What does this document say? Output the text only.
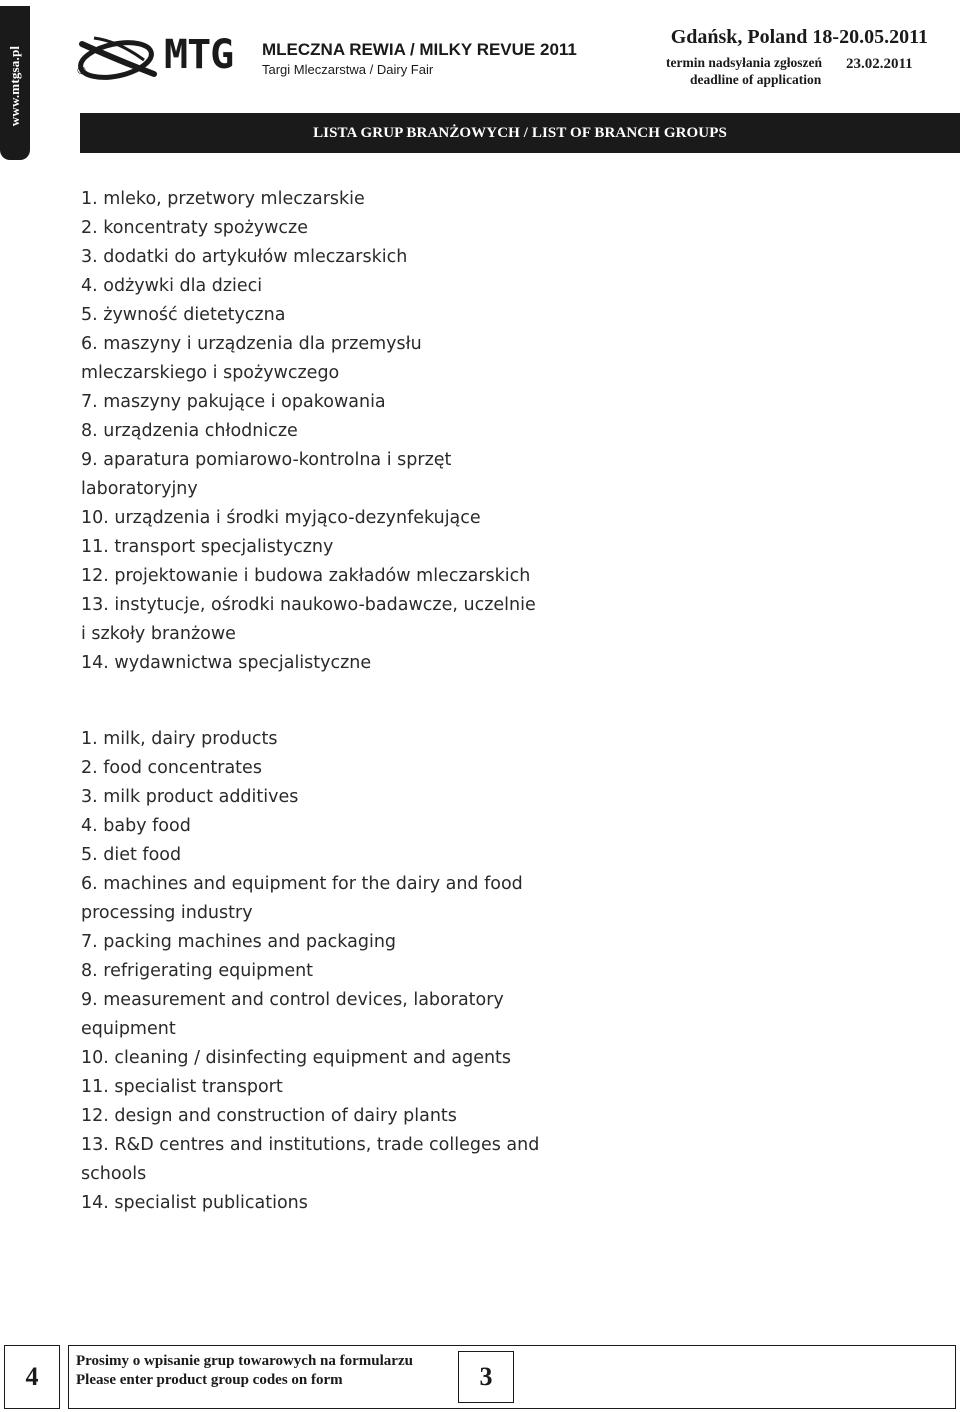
www.mtgsa.pl	® MTG MLECZNA REWIA / MILKY REVUE 2011
Targi Mleczarstwa / Dairy Fair
Gdańsk, Poland 18-20.05.2011
termin nadsyłania zgłoszeń
deadline of application
23.02.2011
LISTA GRUP BRANŻOWYCH / LIST OF BRANCH GROUPS
1. mleko, przetwory mleczarskie
2. koncentraty spożywcze
3. dodatki do artykułów mleczarskich
4. odżywki dla dzieci
5. żywność dietetyczna
6. maszyny i urządzenia dla przemysłu
mleczarskiego i spożywczego
7. maszyny pakujące i opakowania
8. urządzenia chłodnicze
9. aparatura pomiarowo-kontrolna i sprzęt
laboratoryjny
10. urządzenia i środki myjąco-dezynfekujące
11. transport specjalistyczny
12. projektowanie i budowa zakładów mleczarskich
13. instytucje, ośrodki naukowo-badawcze, uczelnie
i szkoły branżowe
14. wydawnictwa specjalistyczne
1. milk, dairy products
2. food concentrates
3. milk product additives
4. baby food
5. diet food
6. machines and equipment for the dairy and food
processing industry
7. packing machines and packaging
8. refrigerating equipment
9. measurement and control devices, laboratory
equipment
10. cleaning / disinfecting equipment and agents
11. specialist transport
12. design and construction of dairy plants
13. R&D centres and institutions, trade colleges and
schools
14. specialist publications
4
Prosimy o wpisanie grup towarowych na formularzu
Please enter product group codes on form	3
